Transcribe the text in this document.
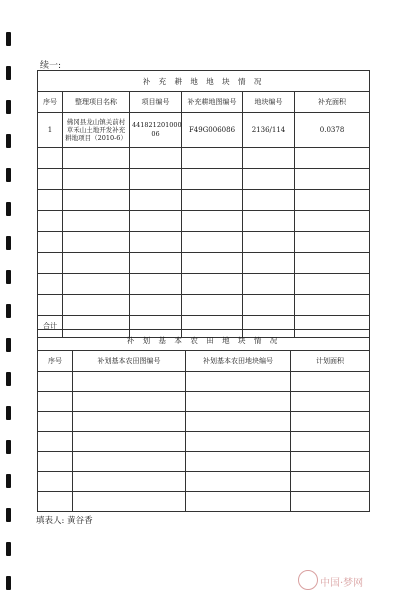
续一:
补 充 耕 地 地 块 情 况					
序号	整理项目名称	项目编号	补充耕地图编号	地块编号	补充面积
1	佛冈县龙山镇关前村草禾山土地开发补充耕地项目（2010-6）	441821201000 06	F49G006086	2136/114	0.0378

合计					
补 划 基 本 农 田 地 块 情 况			
序号	补划基本农田图编号	补划基本农田地块编号	计划面积

填表人: 黄谷香
中国·梦网
